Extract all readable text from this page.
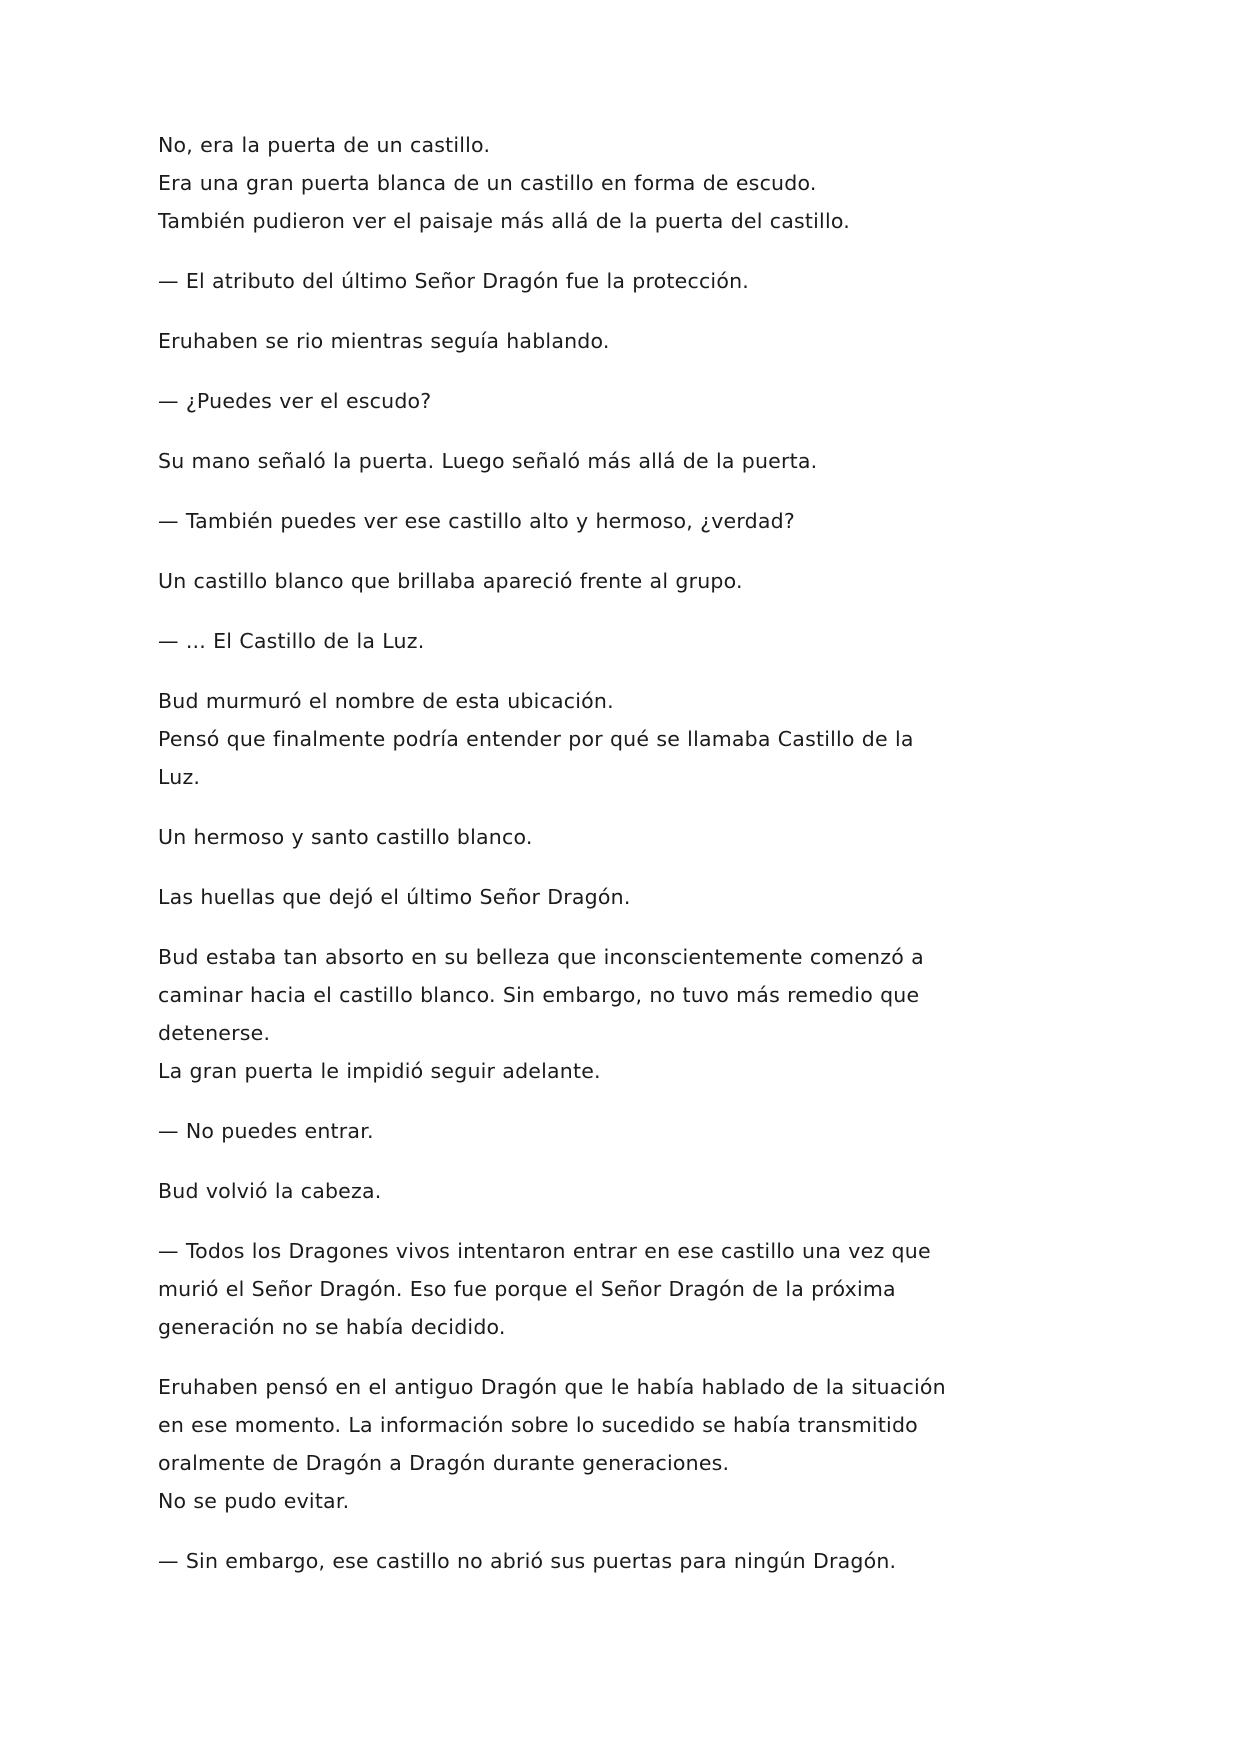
No, era la puerta de un castillo.
Era una gran puerta blanca de un castillo en forma de escudo.
También pudieron ver el paisaje más allá de la puerta del castillo.

— El atributo del último Señor Dragón fue la protección.

Eruhaben se rio mientras seguía hablando.

— ¿Puedes ver el escudo?

Su mano señaló la puerta. Luego señaló más allá de la puerta.

— También puedes ver ese castillo alto y hermoso, ¿verdad?

Un castillo blanco que brillaba apareció frente al grupo.

— ... El Castillo de la Luz.

Bud murmuró el nombre de esta ubicación.
Pensó que finalmente podría entender por qué se llamaba Castillo de la Luz.

Un hermoso y santo castillo blanco.

Las huellas que dejó el último Señor Dragón.

Bud estaba tan absorto en su belleza que inconscientemente comenzó a caminar hacia el castillo blanco. Sin embargo, no tuvo más remedio que detenerse.
La gran puerta le impidió seguir adelante.

— No puedes entrar.

Bud volvió la cabeza.

— Todos los Dragones vivos intentaron entrar en ese castillo una vez que murió el Señor Dragón. Eso fue porque el Señor Dragón de la próxima generación no se había decidido.

Eruhaben pensó en el antiguo Dragón que le había hablado de la situación en ese momento. La información sobre lo sucedido se había transmitido oralmente de Dragón a Dragón durante generaciones.
No se pudo evitar.

— Sin embargo, ese castillo no abrió sus puertas para ningún Dragón.
